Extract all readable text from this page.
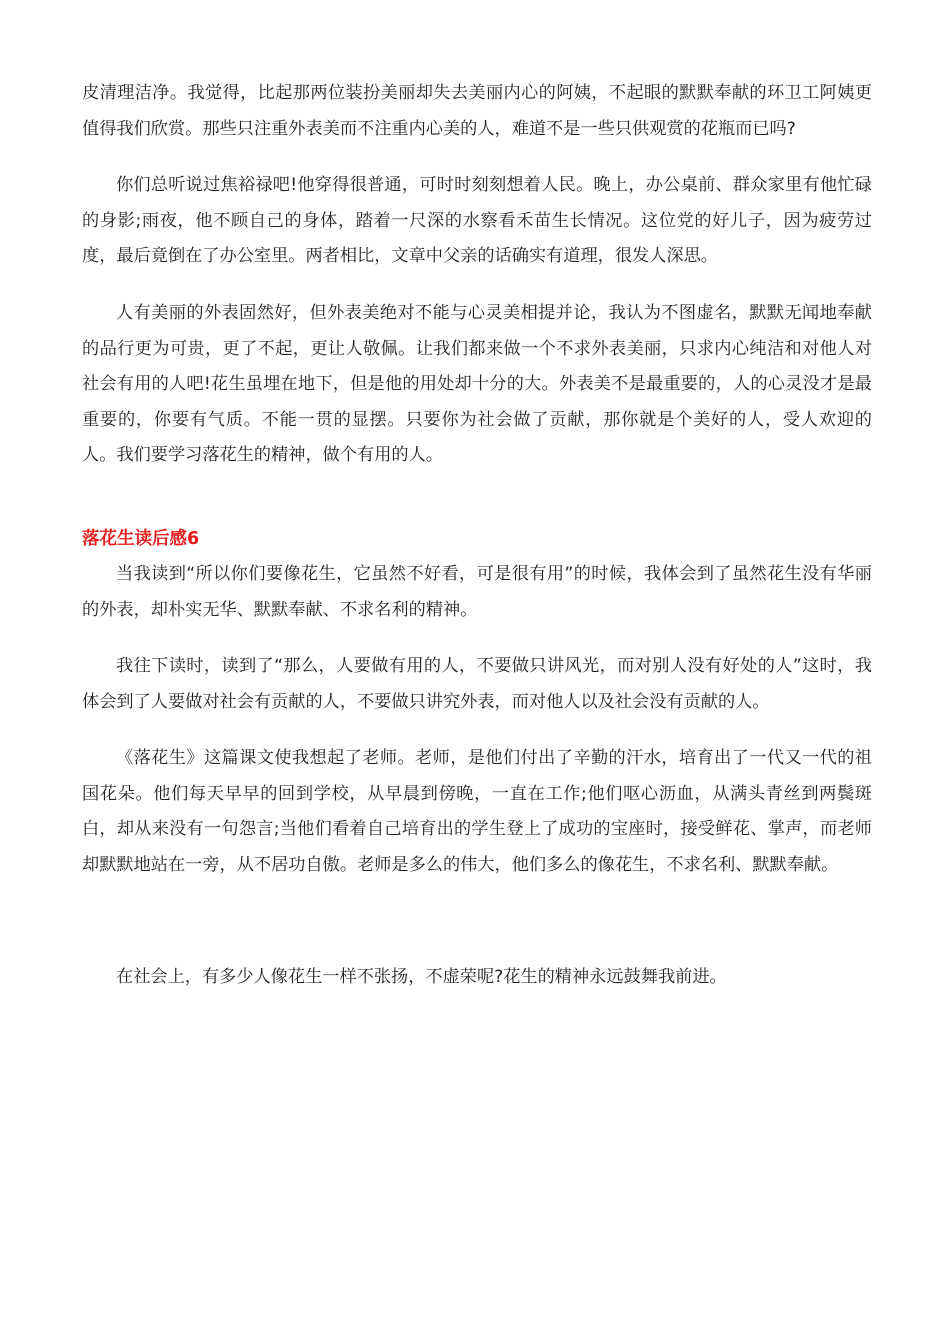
皮清理洁净。我觉得，比起那两位装扮美丽却失去美丽内心的阿姨，不起眼的默默奉献的环卫工阿姨更值得我们欣赏。那些只注重外表美而不注重内心美的人，难道不是一些只供观赏的花瓶而已吗?

你们总听说过焦裕禄吧!他穿得很普通，可时时刻刻想着人民。晚上，办公桌前、群众家里有他忙碌的身影;雨夜，他不顾自己的身体，踏着一尺深的水察看禾苗生长情况。这位党的好儿子，因为疲劳过度，最后竟倒在了办公室里。两者相比，文章中父亲的话确实有道理，很发人深思。

人有美丽的外表固然好，但外表美绝对不能与心灵美相提并论，我认为不图虚名，默默无闻地奉献的品行更为可贵，更了不起，更让人敬佩。让我们都来做一个不求外表美丽，只求内心纯洁和对他人对社会有用的人吧!花生虽埋在地下，但是他的用处却十分的大。外表美不是最重要的，人的心灵没才是最重要的，你要有气质。不能一贯的显摆。只要你为社会做了贡献，那你就是个美好的人，受人欢迎的人。我们要学习落花生的精神，做个有用的人。

落花生读后感6

当我读到“所以你们要像花生，它虽然不好看，可是很有用”的时候，我体会到了虽然花生没有华丽的外表，却朴实无华、默默奉献、不求名利的精神。

我往下读时，读到了“那么，人要做有用的人，不要做只讲风光，而对别人没有好处的人”这时，我体会到了人要做对社会有贡献的人，不要做只讲究外表，而对他人以及社会没有贡献的人。

《落花生》这篇课文使我想起了老师。老师，是他们付出了辛勤的汗水，培育出了一代又一代的祖国花朵。他们每天早早的回到学校，从早晨到傍晚，一直在工作;他们呕心沥血，从满头青丝到两鬓斑白，却从来没有一句怨言;当他们看着自己培育出的学生登上了成功的宝座时，接受鲜花、掌声，而老师却默默地站在一旁，从不居功自傲。老师是多么的伟大，他们多么的像花生，不求名利、默默奉献。

在社会上，有多少人像花生一样不张扬，不虚荣呢?花生的精神永远鼓舞我前进。
